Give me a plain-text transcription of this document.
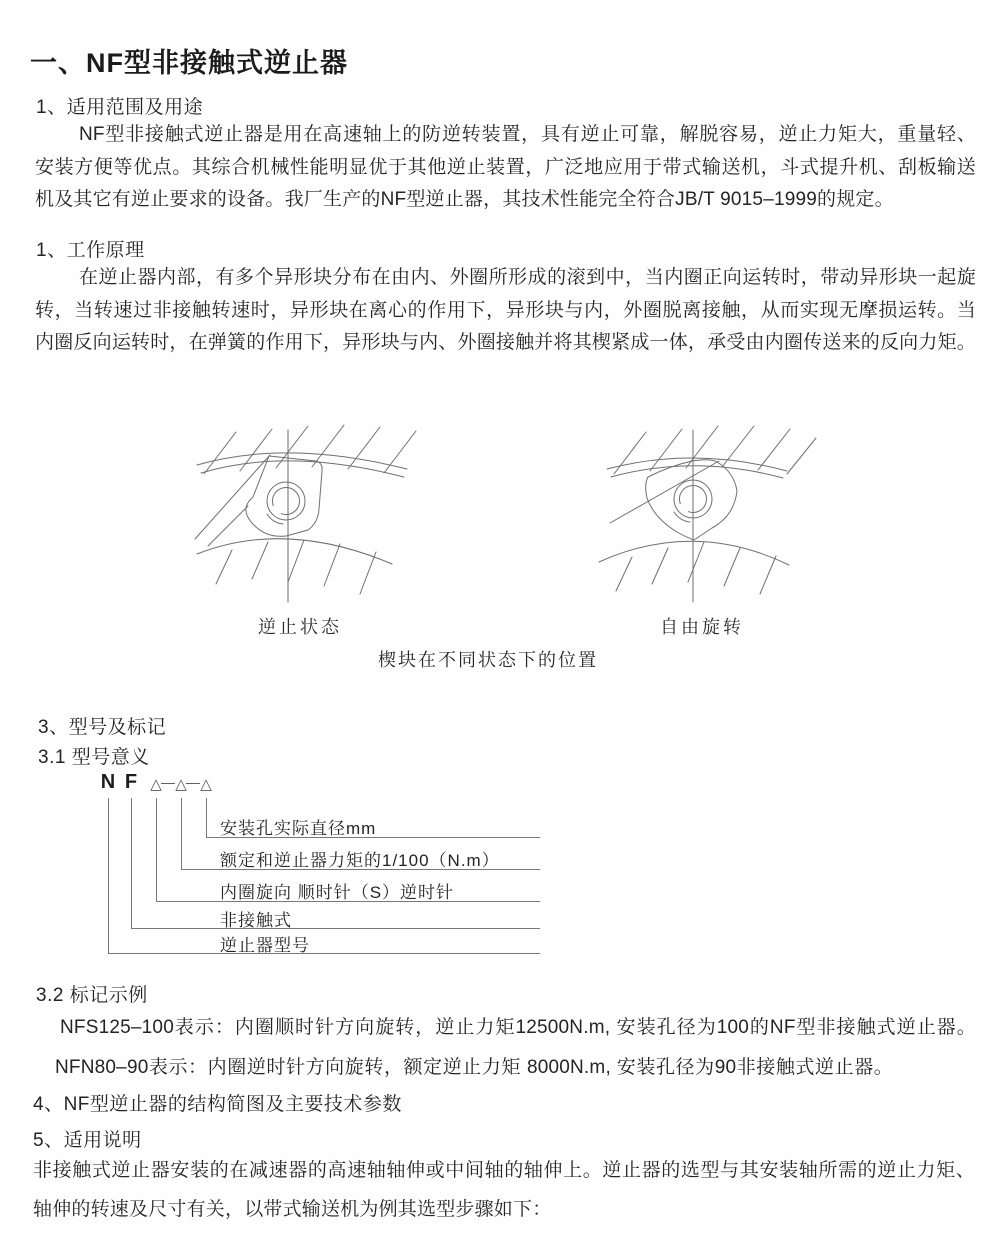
一、NF型非接触式逆止器
1、适用范围及用途
NF型非接触式逆止器是用在高速轴上的防逆转装置，具有逆止可靠，解脱容易，逆止力矩大，重量轻、
安装方便等优点。其综合机械性能明显优于其他逆止装置，广泛地应用于带式输送机，斗式提升机、刮板输送
机及其它有逆止要求的设备。我厂生产的NF型逆止器，其技术性能完全符合JB/T 9015–1999的规定。
1、工作原理
在逆止器内部，有多个异形块分布在由内、外圈所形成的滚到中，当内圈正向运转时，带动异形块一起旋
转，当转速过非接触转速时，异形块在离心的作用下，异形块与内，外圈脱离接触，从而实现无摩损运转。当
内圈反向运转时，在弹簧的作用下，异形块与内、外圈接触并将其楔紧成一体，承受由内圈传送来的反向力矩。
逆止状态	自由旋转
楔块在不同状态下的位置
3、型号及标记
3.1 型号意义
N F △ — △ — △
安装孔实际直径mm
额定和逆止器力矩的1/100（N.m）
内圈旋向 顺时针（S）逆时针
非接触式
逆止器型号
3.2 标记示例
NFS125–100表示：内圈顺时针方向旋转，逆止力矩12500N.m, 安装孔径为100的NF型非接触式逆止器。
NFN80–90表示：内圈逆时针方向旋转，额定逆止力矩 8000N.m, 安装孔径为90非接触式逆止器。
4、NF型逆止器的结构简图及主要技术参数
5、适用说明
非接触式逆止器安装的在减速器的高速轴轴伸或中间轴的轴伸上。逆止器的选型与其安装轴所需的逆止力矩、
轴伸的转速及尺寸有关，以带式输送机为例其选型步骤如下：
